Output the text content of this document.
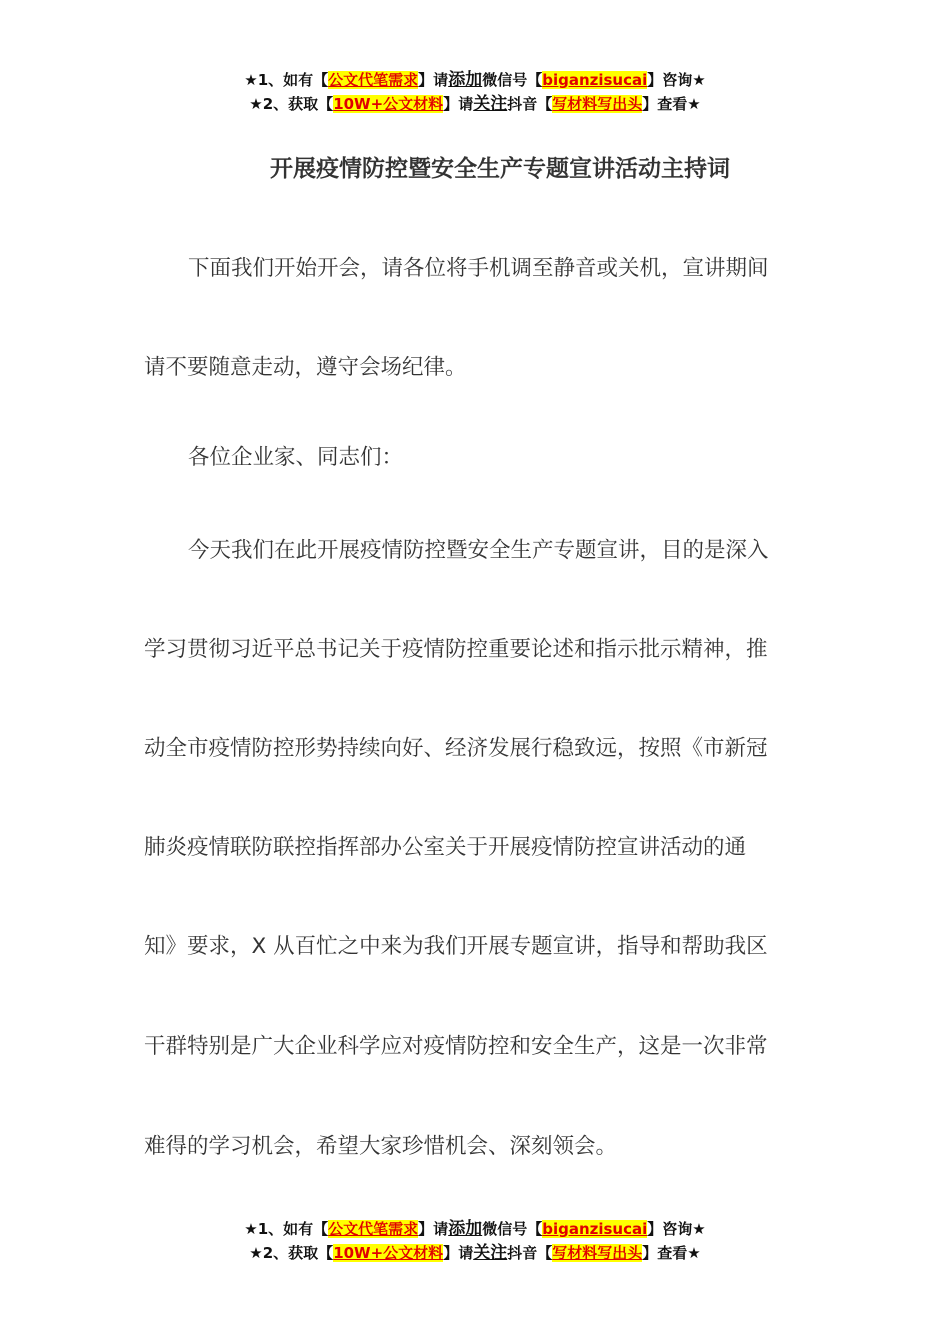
★1、如有【公文代笔需求】请添加微信号【biganzisucai】咨询★
★2、获取【10W+公文材料】请关注抖音【写材料写出头】查看★
开展疫情防控暨安全生产专题宣讲活动主持词
下面我们开始开会，请各位将手机调至静音或关机，宣讲期间
请不要随意走动，遵守会场纪律。
各位企业家、同志们：
今天我们在此开展疫情防控暨安全生产专题宣讲，目的是深入
学习贯彻习近平总书记关于疫情防控重要论述和指示批示精神，推
动全市疫情防控形势持续向好、经济发展行稳致远，按照《市新冠
肺炎疫情联防联控指挥部办公室关于开展疫情防控宣讲活动的通
知》要求，X 从百忙之中来为我们开展专题宣讲，指导和帮助我区
干群特别是广大企业科学应对疫情防控和安全生产，这是一次非常
难得的学习机会，希望大家珍惜机会、深刻领会。
★1、如有【公文代笔需求】请添加微信号【biganzisucai】咨询★
★2、获取【10W+公文材料】请关注抖音【写材料写出头】查看★
